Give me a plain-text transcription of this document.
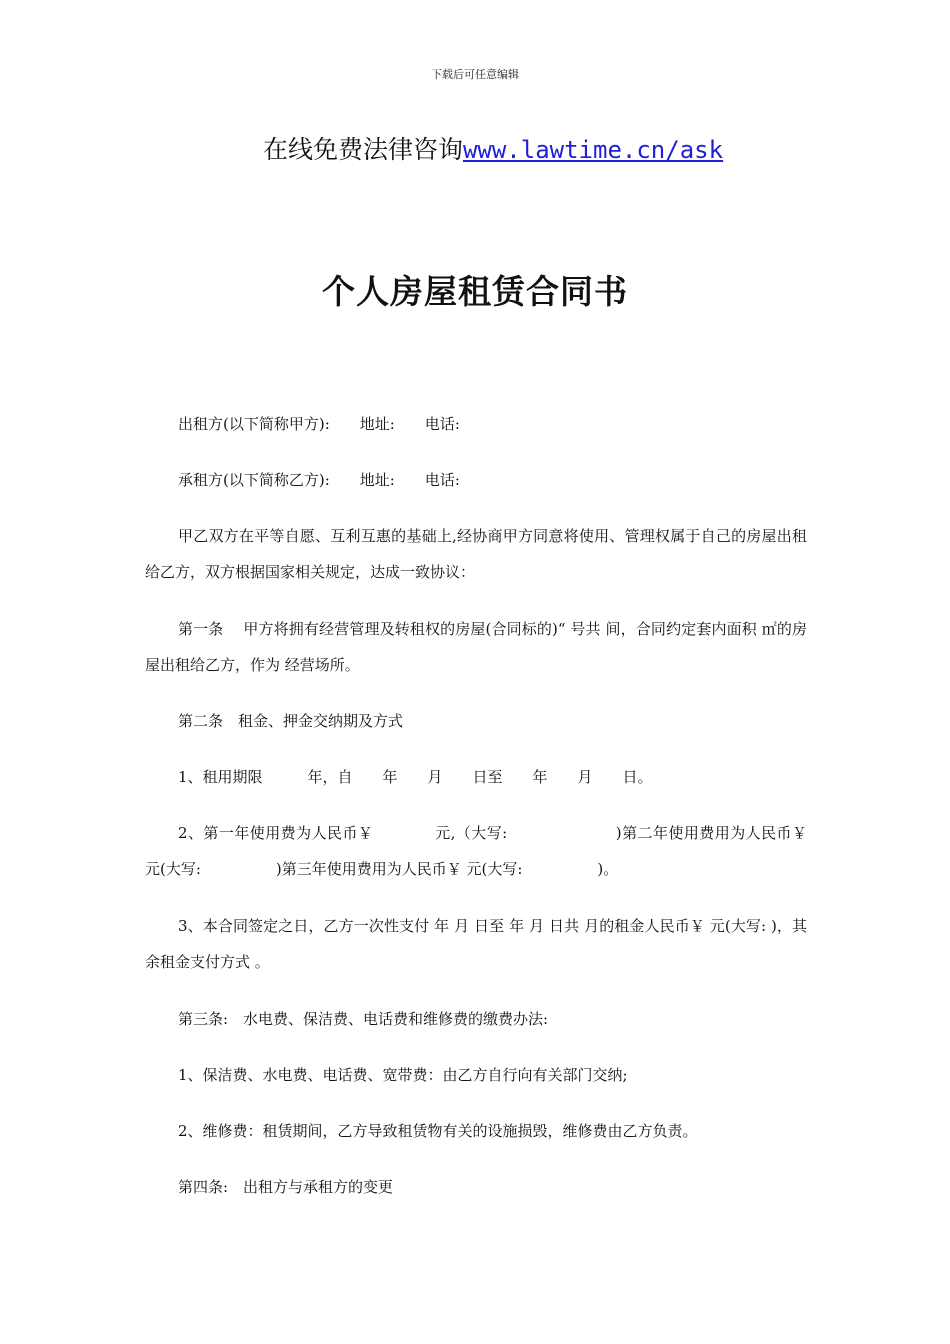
下载后可任意编辑
在线免费法律咨询www.lawtime.cn/ask
个人房屋租赁合同书

出租方(以下简称甲方):　　地址:　　电话:

承租方(以下简称乙方):　　地址:　　电话:

甲乙双方在平等自愿、互利互惠的基础上,经协商甲方同意将使用、管理权属于自己的房屋出租给乙方，双方根据国家相关规定，达成一致协议：

第一条　 甲方将拥有经营管理及转租权的房屋(合同标的)“ 号共 间，合同约定套内面积 ㎡的房屋出租给乙方，作为 经营场所。

第二条　租金、押金交纳期及方式

1、租用期限　　　年，自　　年　　月　　日至　　年　　月　　日。

2、第一年使用费为人民币￥　　　　元,（大写:　　　　　　　)第二年使用费用为人民币￥ 元(大写:　　　　　)第三年使用费用为人民币￥ 元(大写:　　　　　)。

3、本合同签定之日，乙方一次性支付 年 月 日至 年 月 日共 月的租金人民币￥ 元(大写: )，其余租金支付方式 。

第三条:　水电费、保洁费、电话费和维修费的缴费办法:

1、保洁费、水电费、电话费、宽带费：由乙方自行向有关部门交纳;

2、维修费：租赁期间，乙方导致租赁物有关的设施损毁，维修费由乙方负责。

第四条:　出租方与承租方的变更
